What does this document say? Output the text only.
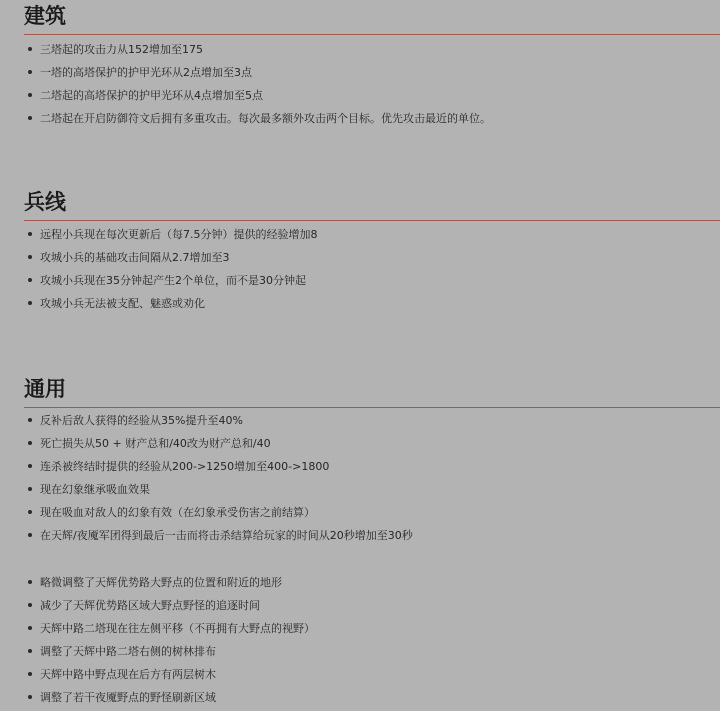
建筑
三塔起的攻击力从152增加至175
一塔的高塔保护的护甲光环从2点增加至3点
二塔起的高塔保护的护甲光环从4点增加至5点
二塔起在开启防御符文后拥有多重攻击。每次最多额外攻击两个目标。优先攻击最近的单位。
兵线
远程小兵现在每次更新后（每7.5分钟）提供的经验增加8
攻城小兵的基础攻击间隔从2.7增加至3
攻城小兵现在35分钟起产生2个单位，而不是30分钟起
攻城小兵无法被支配、魅惑或劝化
通用
反补后敌人获得的经验从35%提升至40%
死亡损失从50 + 财产总和/40改为财产总和/40
连杀被终结时提供的经验从200->1250增加至400->1800
现在幻象继承吸血效果
现在吸血对敌人的幻象有效（在幻象承受伤害之前结算）
在天辉/夜魇军团得到最后一击而将击杀结算给玩家的时间从20秒增加至30秒
略微调整了天辉优势路大野点的位置和附近的地形
减少了天辉优势路区域大野点野怪的追逐时间
天辉中路二塔现在往左侧平移（不再拥有大野点的视野）
调整了天辉中路二塔右侧的树林排布
天辉中路中野点现在后方有两层树木
调整了若干夜魇野点的野怪刷新区域
